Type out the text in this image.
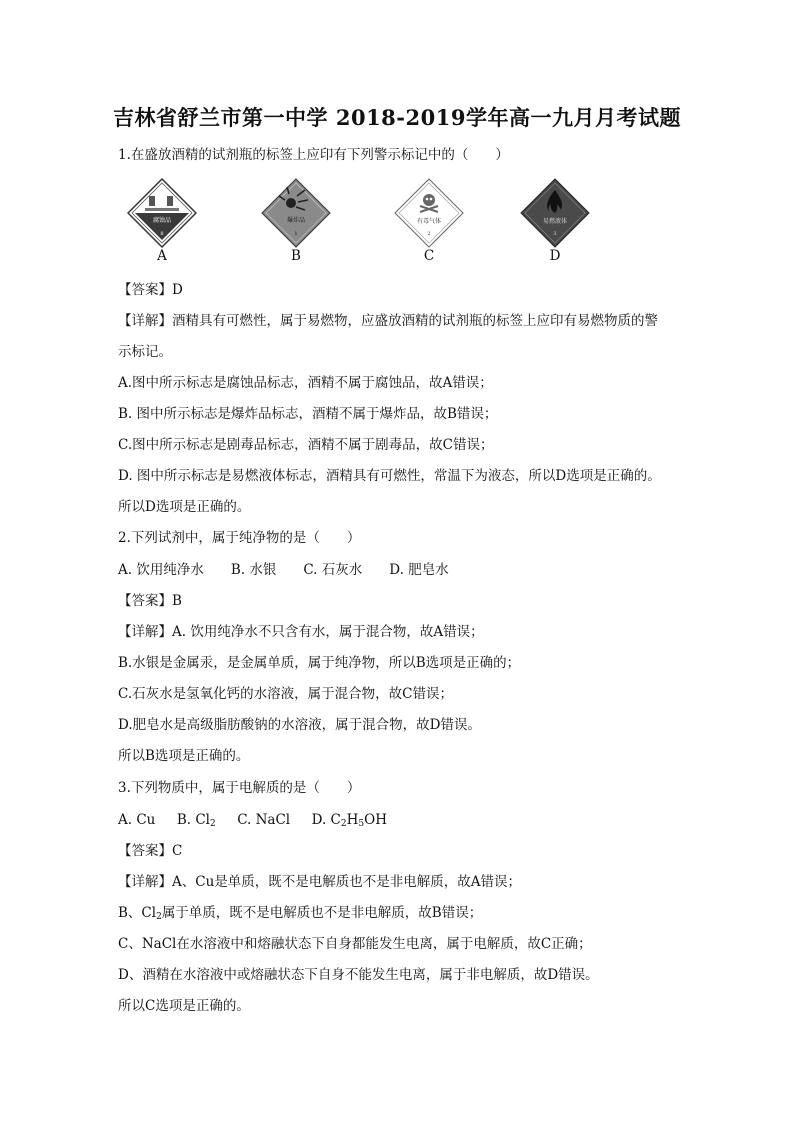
吉林省舒兰市第一中学 2018-2019学年高一九月月考试题
1.在盛放酒精的试剂瓶的标签上应印有下列警示标记中的（　　）
腐蚀品
8
爆炸品
1
有毒气体
2
易燃液体
3
A	B	C	D
【答案】D
【详解】酒精具有可燃性，属于易燃物，应盛放酒精的试剂瓶的标签上应印有易燃物质的警
示标记。
A.图中所示标志是腐蚀品标志，酒精不属于腐蚀品，故A错误；
B. 图中所示标志是爆炸品标志，酒精不属于爆炸品，故B错误；
C.图中所示标志是剧毒品标志，酒精不属于剧毒品，故C错误；
D. 图中所示标志是易燃液体标志，酒精具有可燃性，常温下为液态，所以D选项是正确的。
所以D选项是正确的。
2.下列试剂中，属于纯净物的是（　　）
A. 饮用纯净水　　B. 水银　　C. 石灰水　　D. 肥皂水
【答案】B
【详解】A. 饮用纯净水不只含有水，属于混合物，故A错误；
B.水银是金属汞，是金属单质，属于纯净物，所以B选项是正确的；
C.石灰水是氢氧化钙的水溶液，属于混合物，故C错误；
D.肥皂水是高级脂肪酸钠的水溶液，属于混合物，故D错误。
所以B选项是正确的。
3.下列物质中，属于电解质的是（　　）
A. Cu B. $Cl_2$ C. NaCl D. $C_2H_5OH$
【答案】C
【详解】A、Cu是单质，既不是电解质也不是非电解质，故A错误；
B、$Cl_2$属于单质，既不是电解质也不是非电解质，故B错误；
C、NaCl在水溶液中和熔融状态下自身都能发生电离，属于电解质，故C正确；
D、酒精在水溶液中或熔融状态下自身不能发生电离，属于非电解质，故D错误。
所以C选项是正确的。
